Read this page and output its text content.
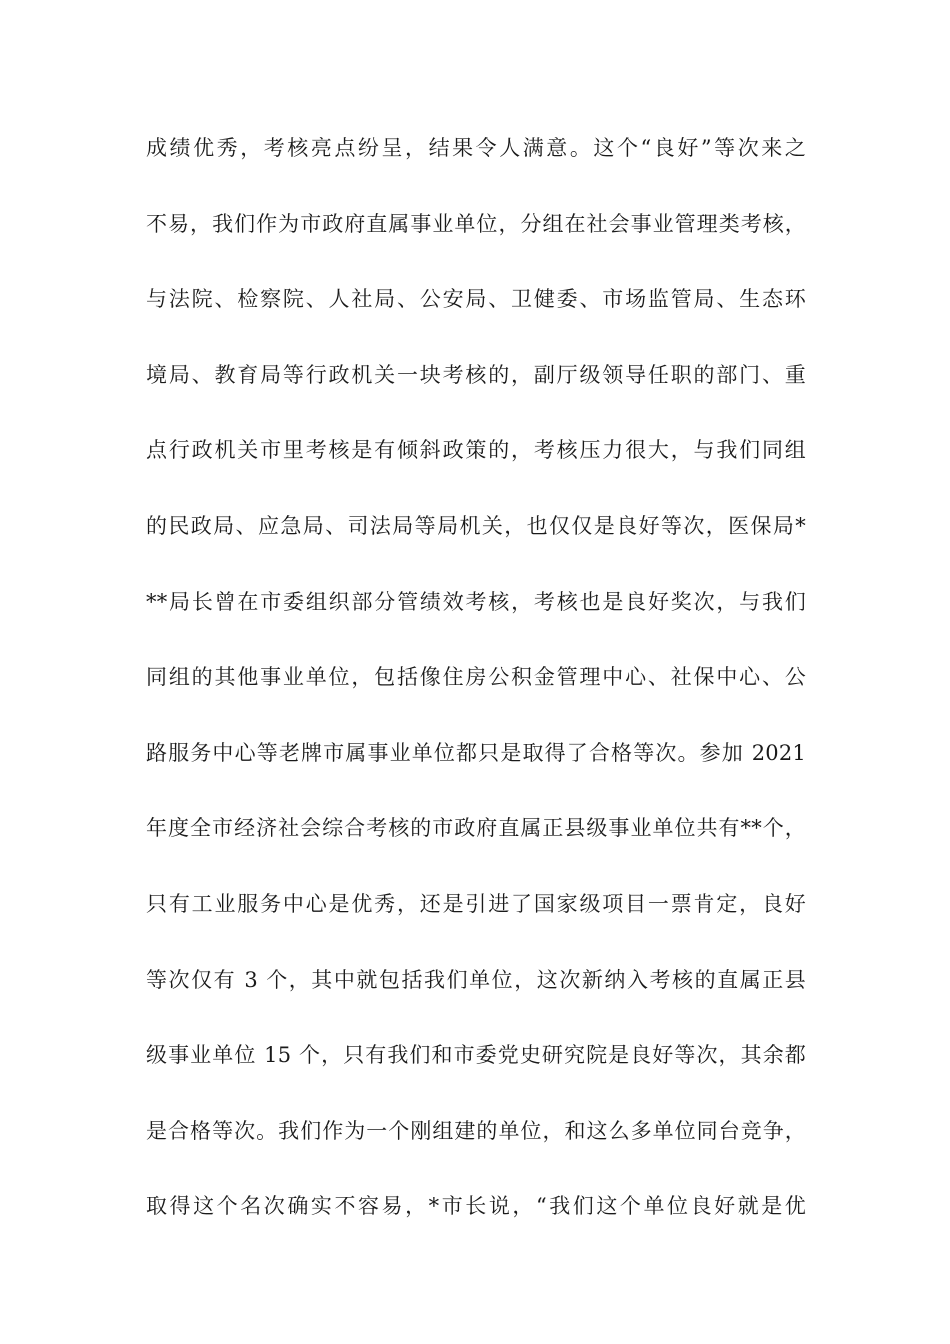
成绩优秀，考核亮点纷呈，结果令人满意。这个“良好”等次来之
不易，我们作为市政府直属事业单位，分组在社会事业管理类考核，
与法院、检察院、人社局、公安局、卫健委、市场监管局、生态环
境局、教育局等行政机关一块考核的，副厅级领导任职的部门、重
点行政机关市里考核是有倾斜政策的，考核压力很大，与我们同组
的民政局、应急局、司法局等局机关，也仅仅是良好等次，医保局*
**局长曾在市委组织部分管绩效考核，考核也是良好奖次，与我们
同组的其他事业单位，包括像住房公积金管理中心、社保中心、公
路服务中心等老牌市属事业单位都只是取得了合格等次。参加 2021
年度全市经济社会综合考核的市政府直属正县级事业单位共有**个，
只有工业服务中心是优秀，还是引进了国家级项目一票肯定，良好
等次仅有 3 个，其中就包括我们单位，这次新纳入考核的直属正县
级事业单位 15 个，只有我们和市委党史研究院是良好等次，其余都
是合格等次。我们作为一个刚组建的单位，和这么多单位同台竞争，
取得这个名次确实不容易，*市长说，“我们这个单位良好就是优
